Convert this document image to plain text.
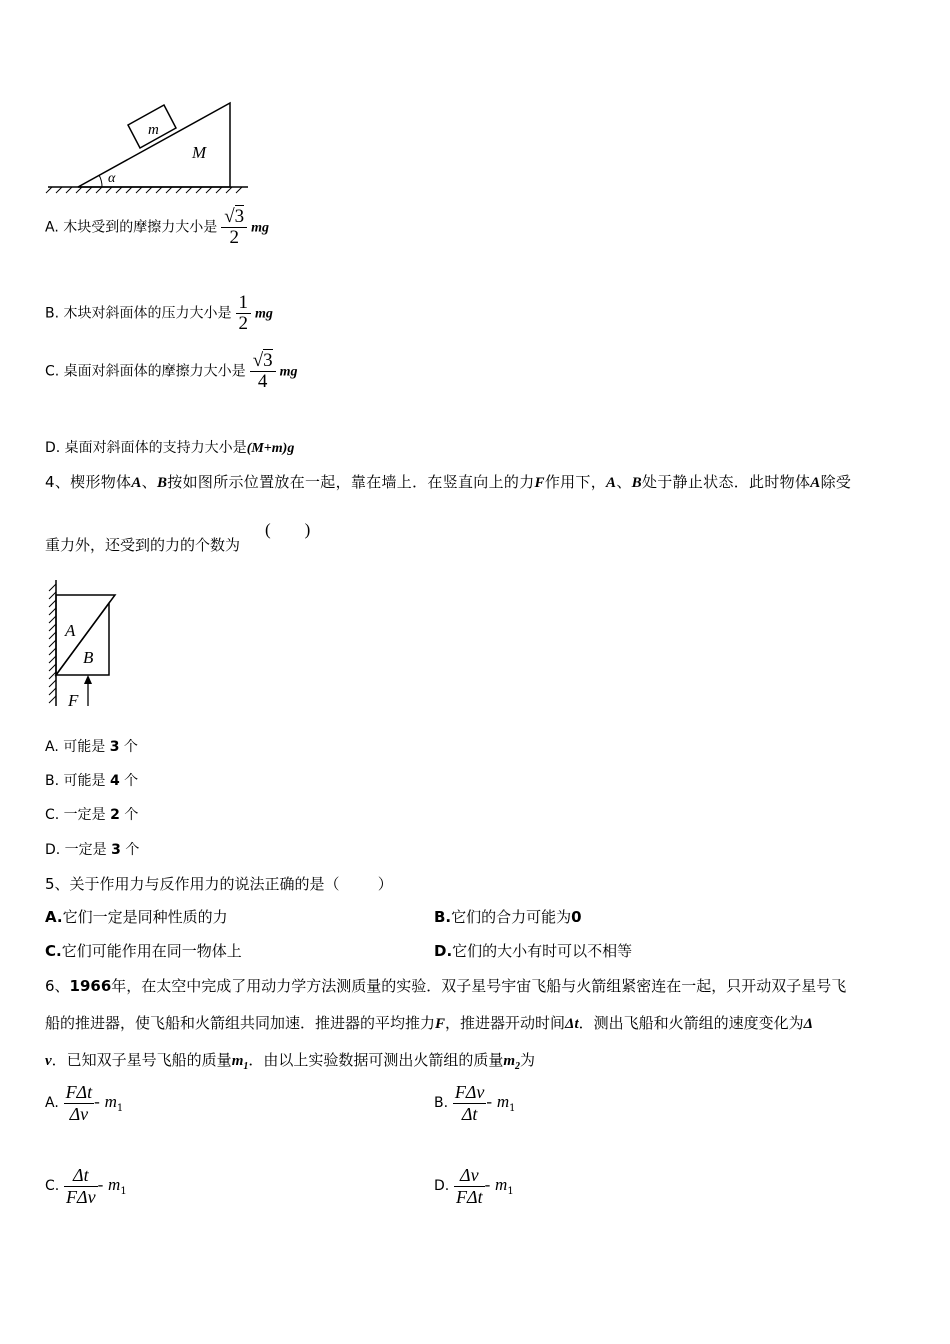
m
M
α
A. 木块受到的摩擦力大小是 $\frac{√3}{2}$ mg
B. 木块对斜面体的压力大小是 $\frac{1}{2}$ mg
C. 桌面对斜面体的摩擦力大小是 $\frac{√3}{4}$ mg
D. 桌面对斜面体的支持力大小是(M+m)g
4、楔形物体A、B按如图所示位置放在一起，靠在墙上．在竖直向上的力F作用下，A、B处于静止状态．此时物体A除受
重力外，还受到的力的个数为
(        )
A
B
F
A. 可能是 3 个
B. 可能是 4 个
C. 一定是 2 个
D. 一定是 3 个
5、关于作用力与反作用力的说法正确的是（        ）
A.它们一定是同种性质的力	B.它们的合力可能为0
C.它们可能作用在同一物体上	D.它们的大小有时可以不相等
6、1966年，在太空中完成了用动力学方法测质量的实验．双子星号宇宙飞船与火箭组紧密连在一起，只开动双子星号飞
船的推进器，使飞船和火箭组共同加速．推进器的平均推力F，推进器开动时间Δt．测出飞船和火箭组的速度变化为Δ
v．已知双子星号飞船的质量$m_1$．由以上实验数据可测出火箭组的质量$m_2$为
A. $\frac{\text{FΔt}}{\Delta v} - m_1$	B. $\frac{\text{FΔv}}{\Delta t} - m_1$
C. $\frac{\Delta t}{\text{FΔv}} - m_1$	D. $\frac{\Delta v}{\text{FΔt}} - m_1$
